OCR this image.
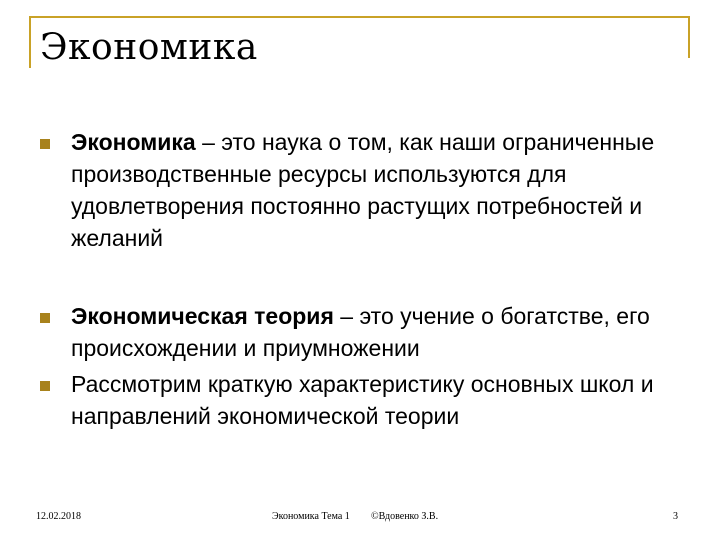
Экономика

Экономика – это наука о том, как наши ограниченные производственные ресурсы используются для удовлетворения постоянно растущих потребностей и желаний

Экономическая теория – это учение о богатстве, его происхождении и приумножении

Рассмотрим краткую характеристику основных школ и направлений экономической теории

12.02.2018	Экономика Тема 1 ©Вдовенко З.В.	3
